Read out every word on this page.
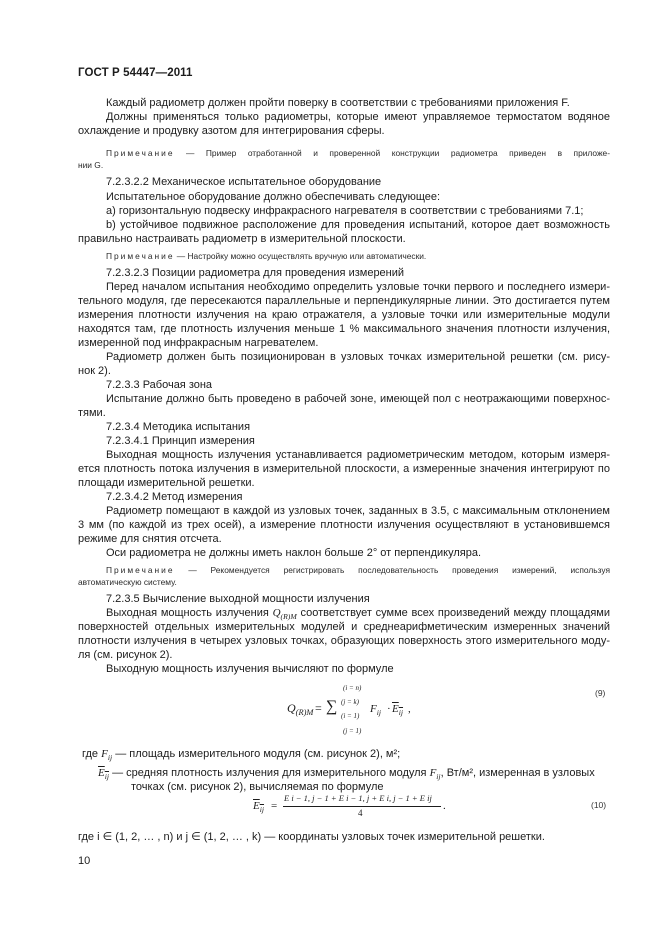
ГОСТ Р 54447—2011
Каждый радиометр должен пройти поверку в соответствии с требованиями приложения F.
Должны применяться только радиометры, которые имеют управляемое термостатом водяное
охлаждение и продувку азотом для интегрирования сферы.
Примечание — Пример отработанной и проверенной конструкции радиометра приведен в приложе-
нии G.
7.2.3.2.2 Механическое испытательное оборудование
Испытательное оборудование должно обеспечивать следующее:
а) горизонтальную подвеску инфракрасного нагревателя в соответствии с требованиями 7.1;
b) устойчивое подвижное расположение для проведения испытаний, которое дает возможность
правильно настраивать радиометр в измерительной плоскости.
Примечание — Настройку можно осуществлять вручную или автоматически.
7.2.3.2.3 Позиции радиометра для проведения измерений
Перед началом испытания необходимо определить узловые точки первого и последнего измери-
тельного модуля, где пересекаются параллельные и перпендикулярные линии. Это достигается путем
измерения плотности излучения на краю отражателя, а узловые точки или измерительные модули
находятся там, где плотность излучения меньше 1 % максимального значения плотности излучения,
измеренной под инфракрасным нагревателем.
Радиометр должен быть позиционирован в узловых точках измерительной решетки (см. рису-
нок 2).
7.2.3.3 Рабочая зона
Испытание должно быть проведено в рабочей зоне, имеющей пол с неотражающими поверхнос-
тями.
7.2.3.4 Методика испытания
7.2.3.4.1 Принцип измерения
Выходная мощность излучения устанавливается радиометрическим методом, которым измеря-
ется плотность потока излучения в измерительной плоскости, а измеренные значения интегрируют по
площади измерительной решетки.
7.2.3.4.2 Метод измерения
Радиометр помещают в каждой из узловых точек, заданных в 3.5, с максимальным отклонением
3 мм (по каждой из трех осей), а измерение плотности излучения осуществляют в установившемся
режиме для снятия отсчета.
Оси радиометра не должны иметь наклон больше 2° от перпендикуляра.
Примечание — Рекомендуется регистрировать последовательность проведения измерений, используя
автоматическую систему.
7.2.3.5 Вычисление выходной мощности излучения
Выходная мощность излучения $Q_{(R)M}$ соответствует сумме всех произведений между площадями
поверхностей отдельных измерительных модулей и среднеарифметическим измеренных значений
плотности излучения в четырех узловых точках, образующих поверхность этого измерительного моду-
ля (см. рисунок 2).
Выходную мощность излучения вычисляют по формуле
(i = n)
(j = k)
(i = 1)
(j = 1)
$Q_{(R)M}$ = ∑	$F_{ij} \cdot E_{ij}$ ,
(9)
где $F_{ij}$ — площадь измерительного модуля (см. рисунок 2), м²;
$E_{ij}$ — средняя плотность излучения для измерительного модуля $F_{ij}$, Вт/м², измеренная в узловых
точках (см. рисунок 2), вычисляемая по формуле
$E_{ij}$ =
E i − 1, j − 1 + E i − 1, j + E i, j − 1 + E ij
4
.	(10)
где i ∈ (1, 2, … , n) и j ∈ (1, 2, … , k) — координаты узловых точек измерительной решетки.
10
